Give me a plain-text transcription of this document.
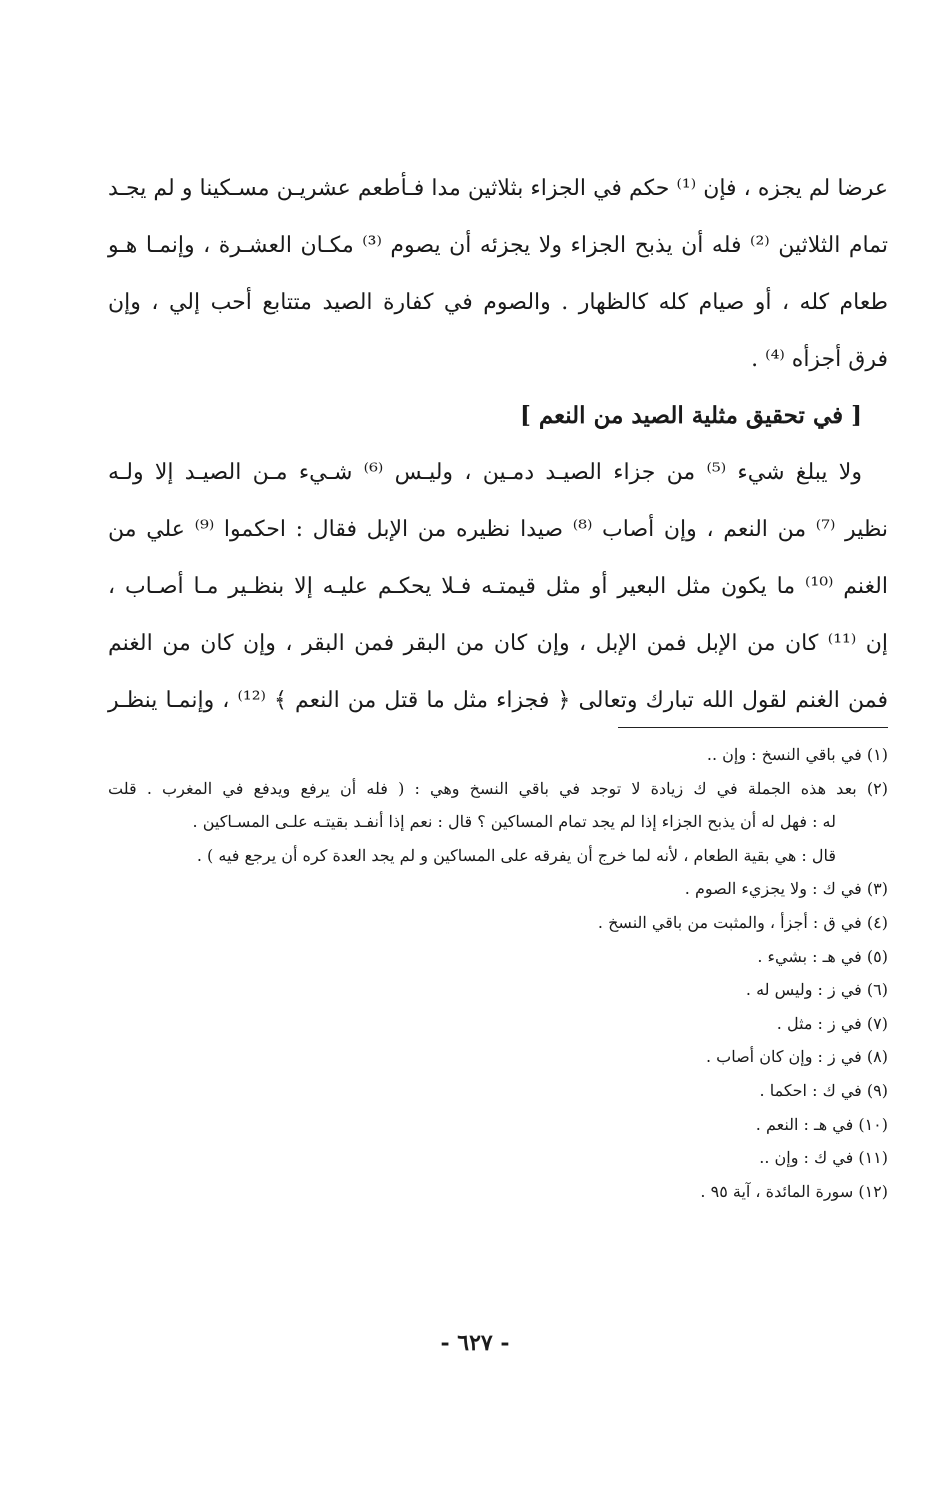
عرضا لم يجزه ، فإن ⁽¹⁾ حكم في الجزاء بثلاثين مدا فـأطعم عشريـن مسـكينا و لم يجـد
تمام الثلاثين ⁽²⁾ فله أن يذبح الجزاء ولا يجزئه أن يصوم ⁽³⁾ مكـان العشـرة ، وإنمـا هـو
طعام كله ، أو صيام كله كالظهار . والصوم في كفارة الصيد متتابع أحب إلي ، وإن
فرق أجزأه ⁽⁴⁾ .
[ في تحقيق مثلية الصيد من النعم ]
ولا يبلغ شيء ⁽⁵⁾ من جزاء الصيـد دمـين ، وليـس ⁽⁶⁾ شـيء مـن الصيـد إلا ولـه
نظير ⁽⁷⁾ من النعم ، وإن أصاب ⁽⁸⁾ صيدا نظيره من الإبل فقال : احكموا ⁽⁹⁾ علي من
الغنم ⁽¹⁰⁾ ما يكون مثل البعير أو مثل قيمتـه فـلا يحكـم عليـه إلا بنظـير مـا أصـاب ،
إن ⁽¹¹⁾ كان من الإبل فمن الإبل ، وإن كان من البقر فمن البقر ، وإن كان من الغنم
فمن الغنم لقول الله تبارك وتعالى ﴿ فجزاء مثل ما قتل من النعم ﴾ ⁽¹²⁾ ، وإنمـا ينظـر
(١) في باقي النسخ : وإن ..
(٢) بعد هذه الجملة في ك زيادة لا توجد في باقي النسخ وهي : ( فله أن يرفع ويدفع في المغرب . قلت
له : فهل له أن يذبح الجزاء إذا لم يجد تمام المساكين ؟ قال : نعم إذا أنفـد بقيتـه علـى المسـاكين .
قال : هي بقية الطعام ، لأنه لما خرج أن يفرقه على المساكين و لم يجد العدة كره أن يرجع فيه ) .
(٣) في ك : ولا يجزيء الصوم .
(٤) في ق : أجزأ ، والمثبت من باقي النسخ .
(٥) في هـ : بشيء .
(٦) في ز : وليس له .
(٧) في ز : مثل .
(٨) في ز : وإن كان أصاب .
(٩) في ك : احكما .
(١٠) في هـ : النعم .
(١١) في ك : وإن ..
(١٢) سورة المائدة ، آية ٩٥ .
- ٦٢٧ -
